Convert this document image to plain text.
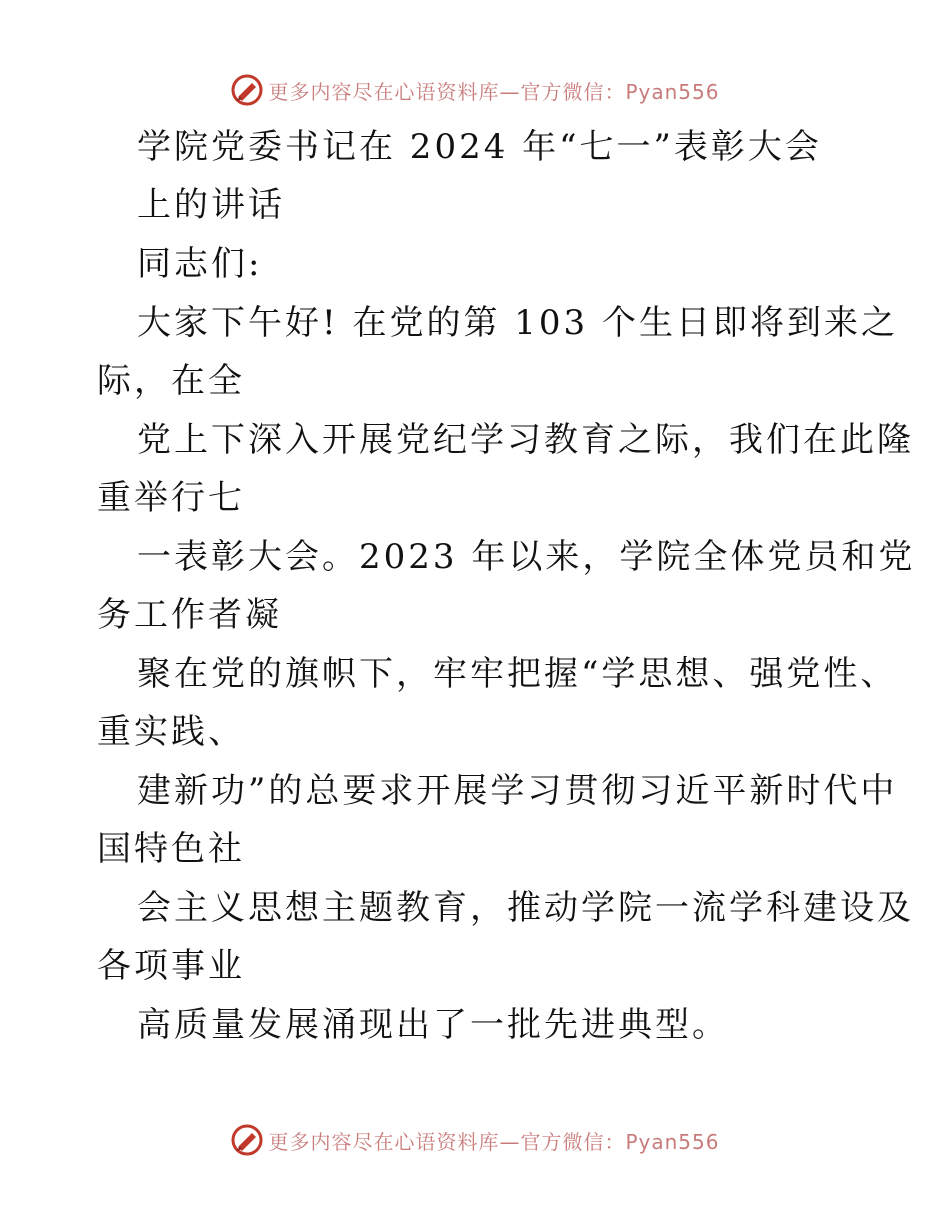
更多内容尽在心语资料库—官方微信：Pyan556
学院党委书记在 2024 年“七一”表彰大会
上的讲话
同志们:
大家下午好! 在党的第 103 个生日即将到来之
际，在全
党上下深入开展党纪学习教育之际，我们在此隆
重举行七
一表彰大会。2023 年以来，学院全体党员和党
务工作者凝
聚在党的旗帜下，牢牢把握“学思想、强党性、
重实践、
建新功”的总要求开展学习贯彻习近平新时代中
国特色社
会主义思想主题教育，推动学院一流学科建设及
各项事业
高质量发展涌现出了一批先进典型。
更多内容尽在心语资料库—官方微信：Pyan556
